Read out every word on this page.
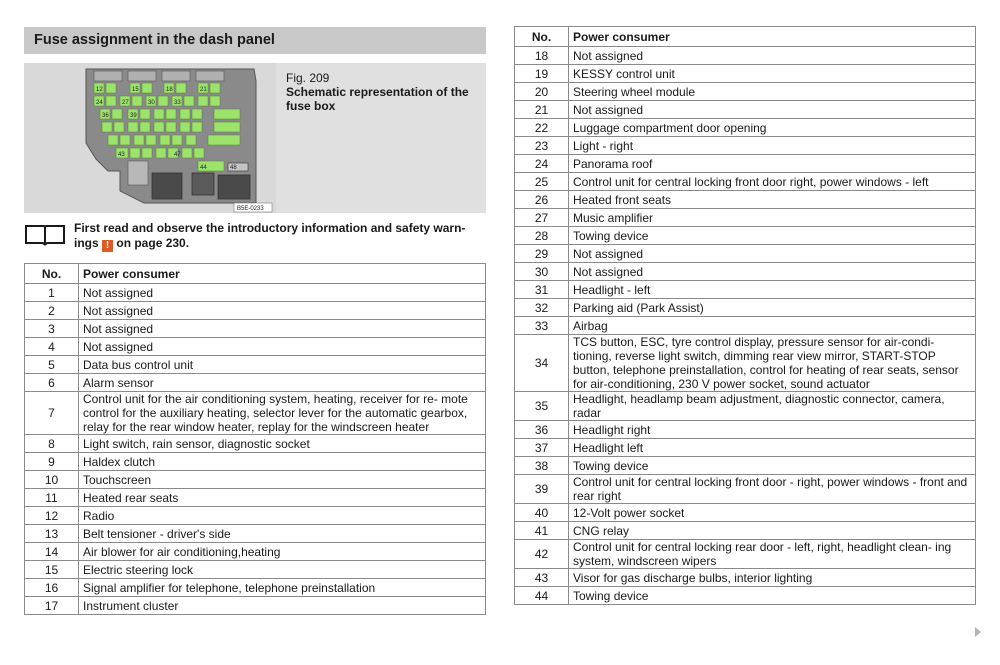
Fuse assignment in the dash panel
12	15	18	21
24	27	30	33
36	39
43
44
47
48
B5E-0233
Fig. 209
Schematic representation of the fuse box
First read and observe the introductory information and safety warn- ings ! on page 230.
No.	Power consumer
1	Not assigned
2	Not assigned
3	Not assigned
4	Not assigned
5	Data bus control unit
6	Alarm sensor
7	Control unit for the air conditioning system, heating, receiver for re- mote control for the auxiliary heating, selector lever for the automatic gearbox, relay for the rear window heater, replay for the windscreen heater
8	Light switch, rain sensor, diagnostic socket
9	Haldex clutch
10	Touchscreen
11	Heated rear seats
12	Radio
13	Belt tensioner - driver's side
14	Air blower for air conditioning,heating
15	Electric steering lock
16	Signal amplifier for telephone, telephone preinstallation
17	Instrument cluster
No.	Power consumer
18	Not assigned
19	KESSY control unit
20	Steering wheel module
21	Not assigned
22	Luggage compartment door opening
23	Light - right
24	Panorama roof
25	Control unit for central locking front door right, power windows - left
26	Heated front seats
27	Music amplifier
28	Towing device
29	Not assigned
30	Not assigned
31	Headlight - left
32	Parking aid (Park Assist)
33	Airbag
34	TCS button, ESC, tyre control display, pressure sensor for air-condi- tioning, reverse light switch, dimming rear view mirror, START-STOP button, telephone preinstallation, control for heating of rear seats, sensor for air-conditioning, 230 V power socket, sound actuator
35	Headlight, headlamp beam adjustment, diagnostic connector, camera, radar
36	Headlight right
37	Headlight left
38	Towing device
39	Control unit for central locking front door - right, power windows - front and rear right
40	12-Volt power socket
41	CNG relay
42	Control unit for central locking rear door - left, right, headlight clean- ing system, windscreen wipers
43	Visor for gas discharge bulbs, interior lighting
44	Towing device
